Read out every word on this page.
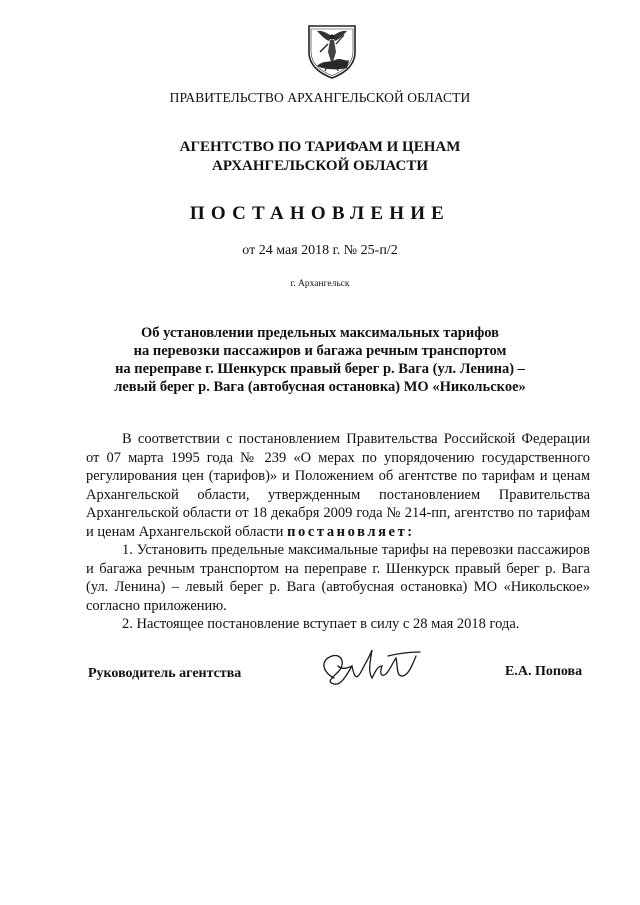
ПРАВИТЕЛЬСТВО АРХАНГЕЛЬСКОЙ ОБЛАСТИ
АГЕНТСТВО ПО ТАРИФАМ И ЦЕНАМ
АРХАНГЕЛЬСКОЙ ОБЛАСТИ
ПОСТАНОВЛЕНИЕ
от 24 мая 2018 г. № 25-п/2
г. Архангельск
Об установлении предельных максимальных тарифов
на перевозки пассажиров и багажа речным транспортом
на переправе г. Шенкурск правый берег р. Вага (ул. Ленина) –
левый берег р. Вага (автобусная остановка) МО «Никольское»

В соответствии с постановлением Правительства Российской Федерации от 07 марта 1995 года № 239 «О мерах по упорядочению государственного регулирования цен (тарифов)» и Положением об агентстве по тарифам и ценам Архангельской области, утвержденным постановлением Правительства Архангельской области от 18 декабря 2009 года № 214-пп, агентство по тарифам и ценам Архангельской области постановляет:

1. Установить предельные максимальные тарифы на перевозки пассажиров и багажа речным транспортом на переправе г. Шенкурск правый берег р. Вага (ул. Ленина) – левый берег р. Вага (автобусная остановка) МО «Никольское» согласно приложению.

2. Настоящее постановление вступает в силу с 28 мая 2018 года.

Руководитель агентства	Е.А. Попова
